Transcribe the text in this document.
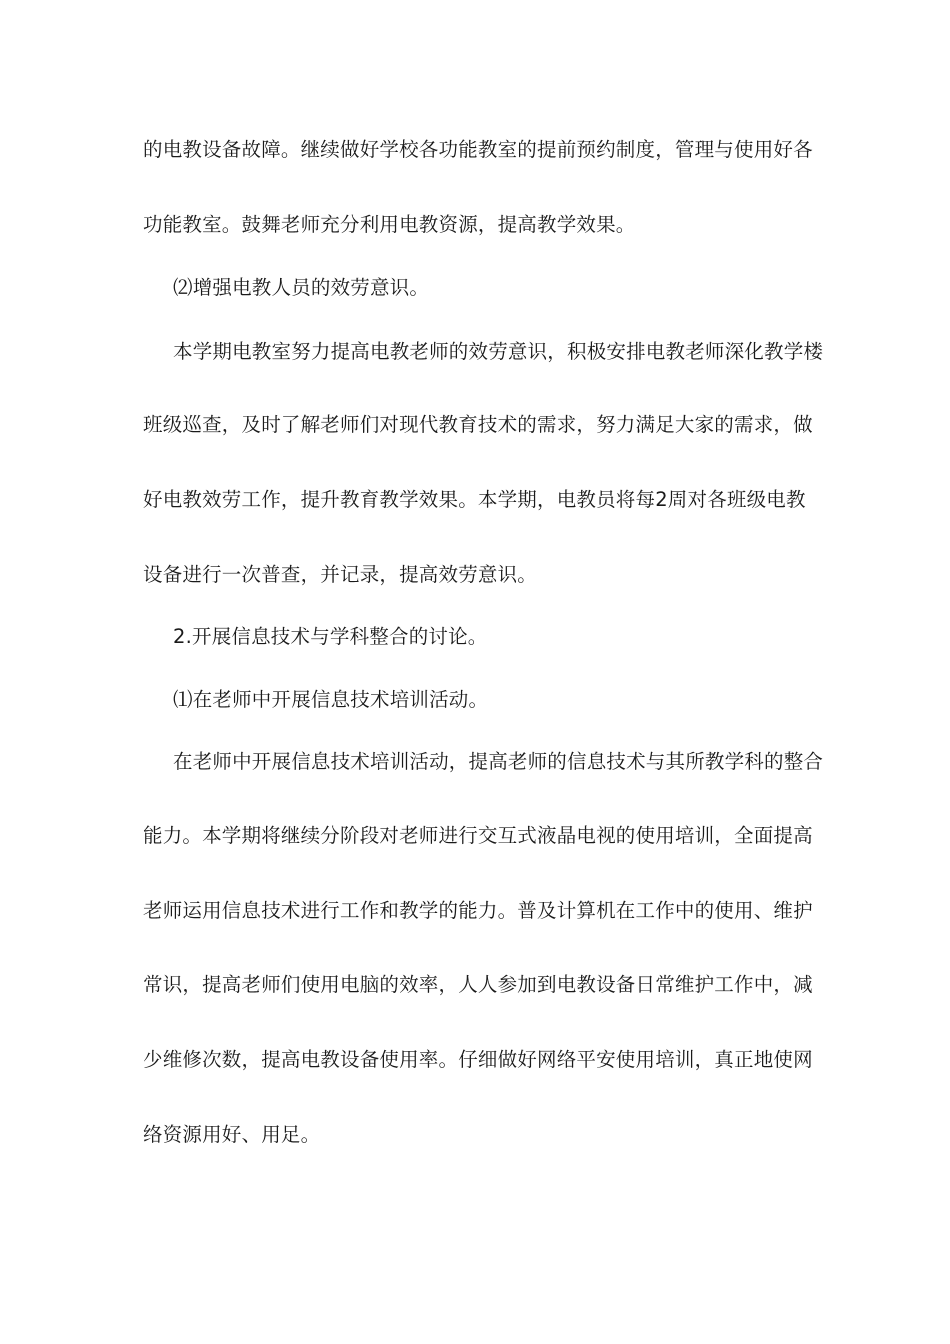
的电教设备故障。继续做好学校各功能教室的提前预约制度，管理与使用好各
功能教室。鼓舞老师充分利用电教资源，提高教学效果。
⑵增强电教人员的效劳意识。
本学期电教室努力提高电教老师的效劳意识，积极安排电教老师深化教学楼
班级巡查，及时了解老师们对现代教育技术的需求，努力满足大家的需求，做
好电教效劳工作，提升教育教学效果。本学期，电教员将每2周对各班级电教
设备进行一次普查，并记录，提高效劳意识。
2.开展信息技术与学科整合的讨论。
⑴在老师中开展信息技术培训活动。
在老师中开展信息技术培训活动，提高老师的信息技术与其所教学科的整合
能力。本学期将继续分阶段对老师进行交互式液晶电视的使用培训，全面提高
老师运用信息技术进行工作和教学的能力。普及计算机在工作中的使用、维护
常识，提高老师们使用电脑的效率，人人参加到电教设备日常维护工作中，减
少维修次数，提高电教设备使用率。仔细做好网络平安使用培训，真正地使网
络资源用好、用足。
